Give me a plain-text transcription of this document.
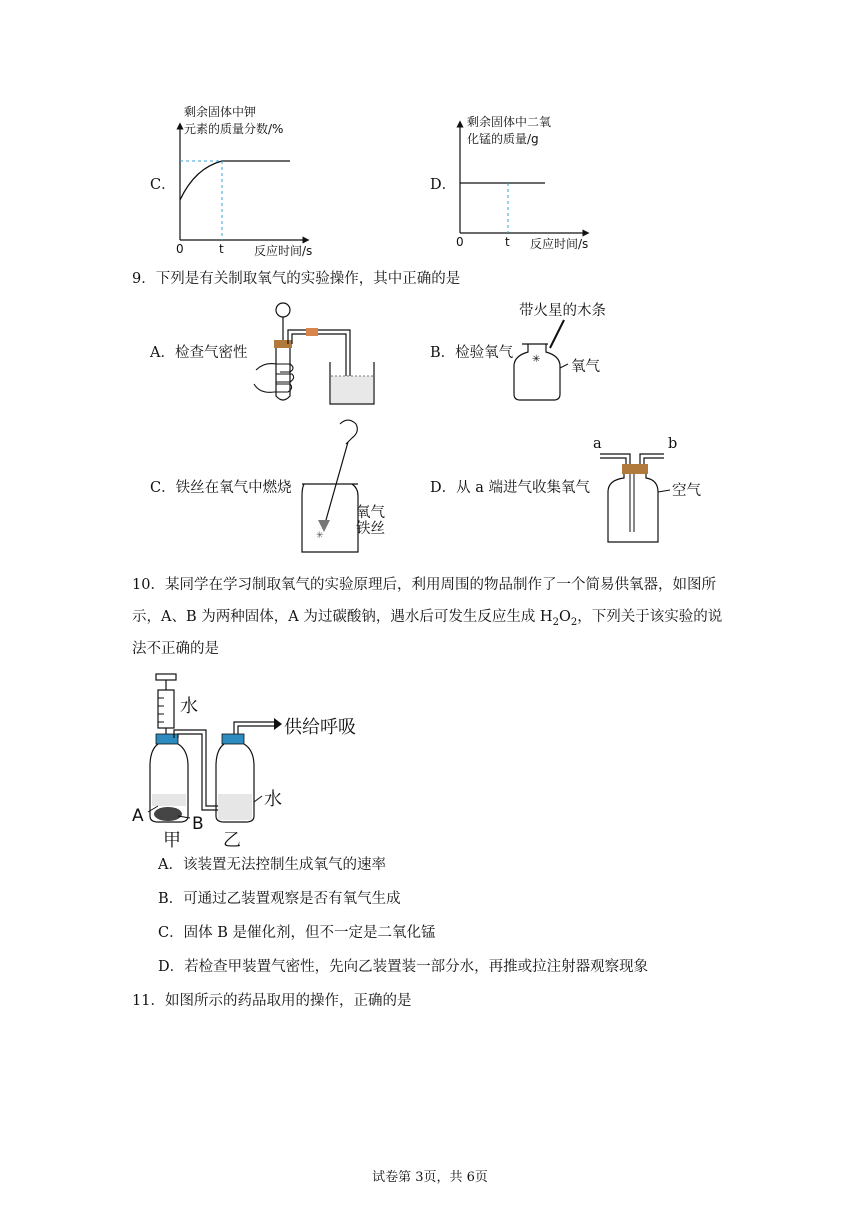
C．
剩余固体中钾
元素的质量分数/%
0	t	反应时间/s
D．
剩余固体中二氧
化锰的质量/g
0	t 反应时间/s
9．下列是有关制取氧气的实验操作，其中正确的是
A．检查气密性	B．检验氧气
带火星的木条
氧气
✳
C．铁丝在氧气中燃烧
✳
氧气
铁丝
D．从 a 端进气收集氧气
a	b
空气
10．某同学在学习制取氧气的实验原理后，利用周围的物品制作了一个简易供氧器，如图所
示，A、B 为两种固体，A 为过碳酸钠，遇水后可发生反应生成 $H_2O_2$，下列关于该实验的说
法不正确的是
水
供给呼吸
水
A	B
甲 乙
A．该装置无法控制生成氧气的速率
B．可通过乙装置观察是否有氧气生成
C．固体 B 是催化剂，但不一定是二氧化锰
D．若检查甲装置气密性，先向乙装置装一部分水，再推或拉注射器观察现象
11．如图所示的药品取用的操作，正确的是
试卷第 3页，共 6页
